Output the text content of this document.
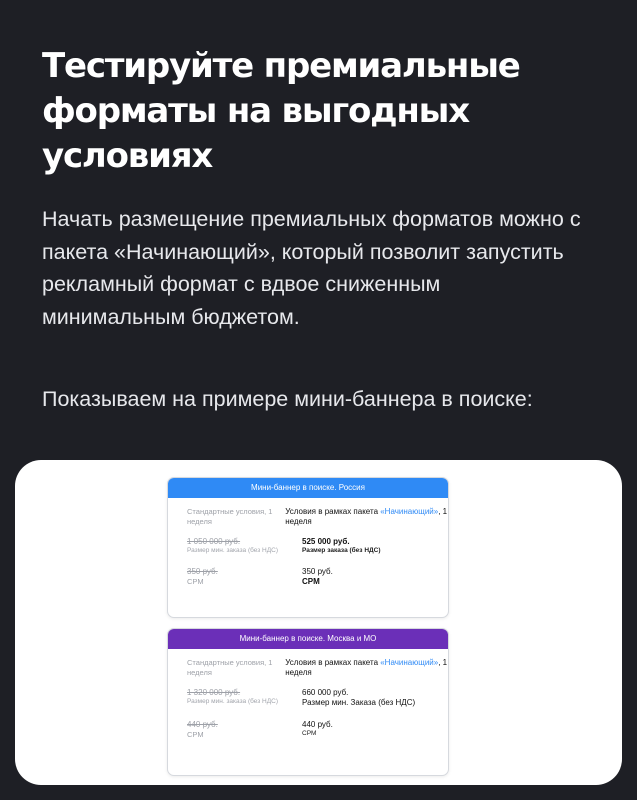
Тестируйте премиальные форматы на выгодных условиях

Начать размещение премиальных форматов можно с пакета «Начинающий», который позволит запустить рекламный формат с вдвое сниженным минимальным бюджетом.

Показываем на примере мини-баннера в поиске:

Мини-баннер в поиске. Россия
Стандартные условия, 1 неделя
Условия в рамках пакета «Начинающий», 1 неделя
1 050 000 руб.
Размер мин. заказа (без НДС)
525 000 руб.
Размер заказа (без НДС)
350 руб.
CPM
350 руб.
CPM
Мини-баннер в поиске. Москва и МО
Стандартные условия, 1 неделя
Условия в рамках пакета «Начинающий», 1 неделя
1 320 000 руб.
Размер мин. заказа (без НДС)
660 000 руб.
Размер мин. Заказа (без НДС)
440 руб.
CPM
440 руб.
CPM
